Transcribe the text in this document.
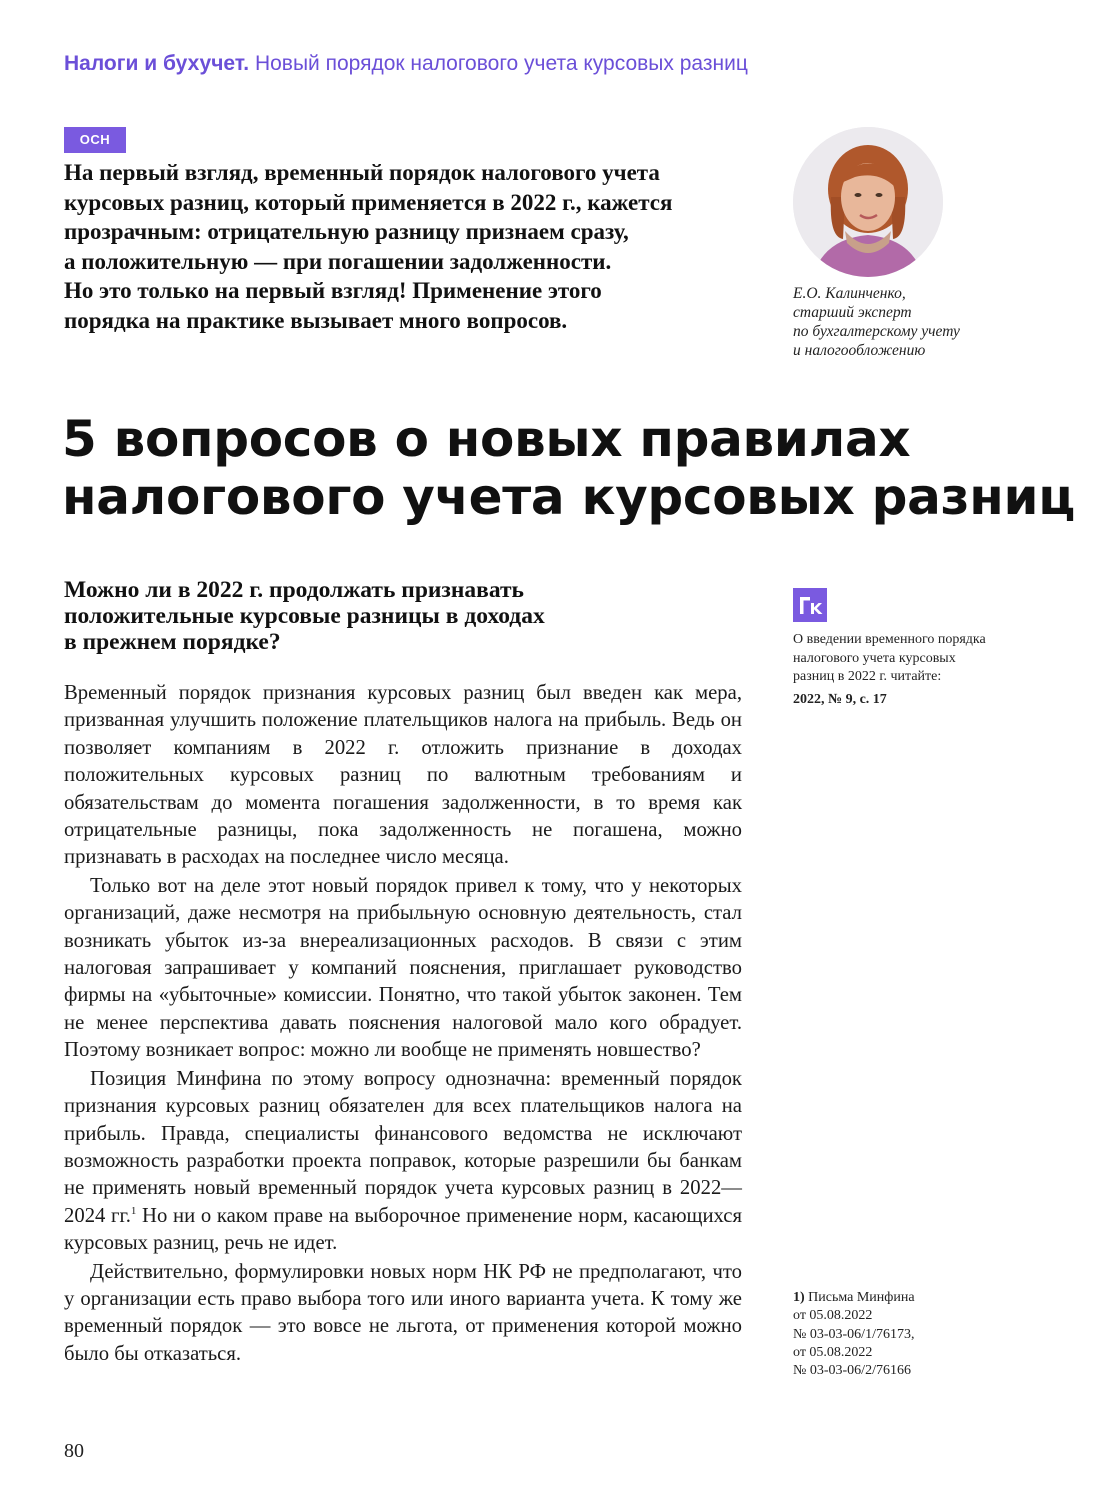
Налоги и бухучет. Новый порядок налогового учета курсовых разниц
ОСН

На первый взгляд, временный порядок налогового учета

курсовых разниц, который применяется в 2022 г., кажется

прозрачным: отрицательную разницу признаем сразу,

а положительную — при погашении задолженности.

Но это только на первый взгляд! Применение этого

порядка на практике вызывает много вопросов.

Е.О. Калинченко,
старший эксперт
по бухгалтерскому учету
и налогообложению
5 вопросов о новых правилах
налогового учета курсовых разниц
Можно ли в 2022 г. продолжать признавать
положительные курсовые разницы в доходах
в прежнем порядке?

Временный порядок признания курсовых разниц был введен как мера, призванная улучшить положение плательщиков налога на прибыль. Ведь он позволяет компаниям в 2022 г. отложить признание в доходах положительных курсовых разниц по валютным требованиям и обязательствам до момента погашения задолженности, в то время как отрицательные разницы, пока задолженность не погашена, можно признавать в расходах на последнее число месяца.

Только вот на деле этот новый порядок привел к тому, что у некоторых организаций, даже несмотря на прибыльную основную деятельность, стал возникать убыток из-за внереализационных расходов. В связи с этим налоговая запрашивает у компаний пояснения, приглашает руководство фирмы на «убыточные» комиссии. Понятно, что такой убыток законен. Тем не менее перспектива давать пояснения налоговой мало кого обрадует. Поэтому возникает вопрос: можно ли вообще не применять новшество?

Позиция Минфина по этому вопросу однозначна: временный порядок признания курсовых разниц обязателен для всех плательщиков налога на прибыль. Правда, специалисты финансового ведомства не исключают возможность разработки проекта поправок, которые разрешили бы банкам не применять новый временный порядок учета курсовых разниц в 2022—2024 гг.$^1$ Но ни о каком праве на выборочное применение норм, касающихся курсовых разниц, речь не идет.

Действительно, формулировки новых норм НК РФ не предполагают, что у организации есть право выбора того или иного варианта учета. К тому же временный порядок — это вовсе не льгота, от применения которой можно было бы отказаться.

О введении временного порядка
налогового учета курсовых
разниц в 2022 г. читайте:
2022, № 9, с. 17
1) Письма Минфина
от 05.08.2022
№ 03-03-06/1/76173,
от 05.08.2022
№ 03-03-06/2/76166
80
